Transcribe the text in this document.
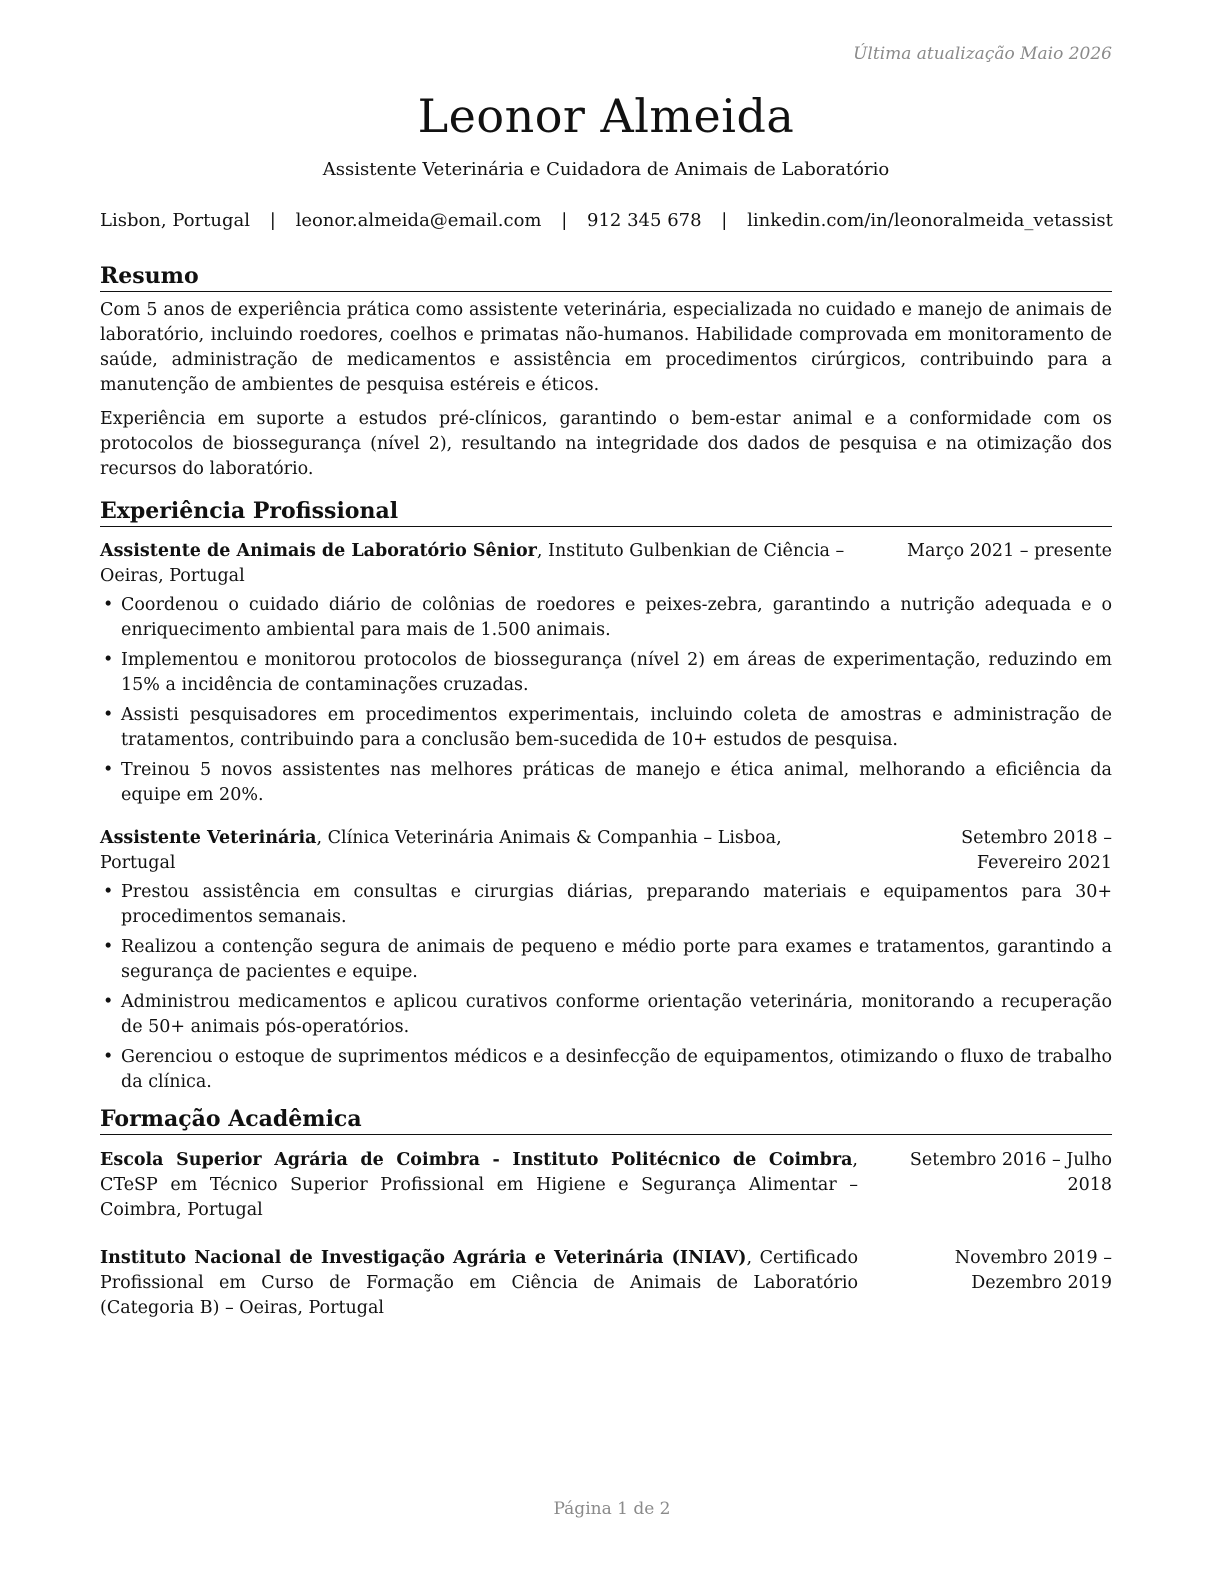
Última atualização Maio 2026
Leonor Almeida
Assistente Veterinária e Cuidadora de Animais de Laboratório
Lisbon, Portugal | leonor.almeida@email.com | 912 345 678 | linkedin.com/in/leonoralmeida_vetassist
Resumo
Com 5 anos de experiência prática como assistente veterinária, especializada no cuidado e manejo de animais de laboratório, incluindo roedores, coelhos e primatas não-humanos. Habilidade comprovada em monitoramento de saúde, administração de medicamentos e assistência em procedimentos cirúrgicos, contribuindo para a manutenção de ambientes de pesquisa estéreis e éticos.
Experiência em suporte a estudos pré-clínicos, garantindo o bem-estar animal e a conformidade com os protocolos de biossegurança (nível 2), resultando na integridade dos dados de pesquisa e na otimização dos recursos do laboratório.
Experiência Profissional
Assistente de Animais de Laboratório Sênior, Instituto Gulbenkian de Ciência – Oeiras, Portugal
Março 2021 – presente
• Coordenou o cuidado diário de colônias de roedores e peixes-zebra, garantindo a nutrição adequada e o enriquecimento ambiental para mais de 1.500 animais.
• Implementou e monitorou protocolos de biossegurança (nível 2) em áreas de experimentação, reduzindo em 15% a incidência de contaminações cruzadas.
• Assisti pesquisadores em procedimentos experimentais, incluindo coleta de amostras e administração de tratamentos, contribuindo para a conclusão bem-sucedida de 10+ estudos de pesquisa.
• Treinou 5 novos assistentes nas melhores práticas de manejo e ética animal, melhorando a eficiência da equipe em 20%.
Assistente Veterinária, Clínica Veterinária Animais & Companhia – Lisboa, Portugal
Setembro 2018 – Fevereiro 2021
• Prestou assistência em consultas e cirurgias diárias, preparando materiais e equipamentos para 30+ procedimentos semanais.
• Realizou a contenção segura de animais de pequeno e médio porte para exames e tratamentos, garantindo a segurança de pacientes e equipe.
• Administrou medicamentos e aplicou curativos conforme orientação veterinária, monitorando a recuperação de 50+ animais pós-operatórios.
• Gerenciou o estoque de suprimentos médicos e a desinfecção de equipamentos, otimizando o fluxo de trabalho da clínica.
Formação Acadêmica
Escola Superior Agrária de Coimbra - Instituto Politécnico de Coimbra, CTeSP em Técnico Superior Profissional em Higiene e Segurança Alimentar – Coimbra, Portugal
Setembro 2016 – Julho 2018
Instituto Nacional de Investigação Agrária e Veterinária (INIAV), Certificado Profissional em Curso de Formação em Ciência de Animais de Laboratório (Categoria B) – Oeiras, Portugal
Novembro 2019 – Dezembro 2019
Página 1 de 2
